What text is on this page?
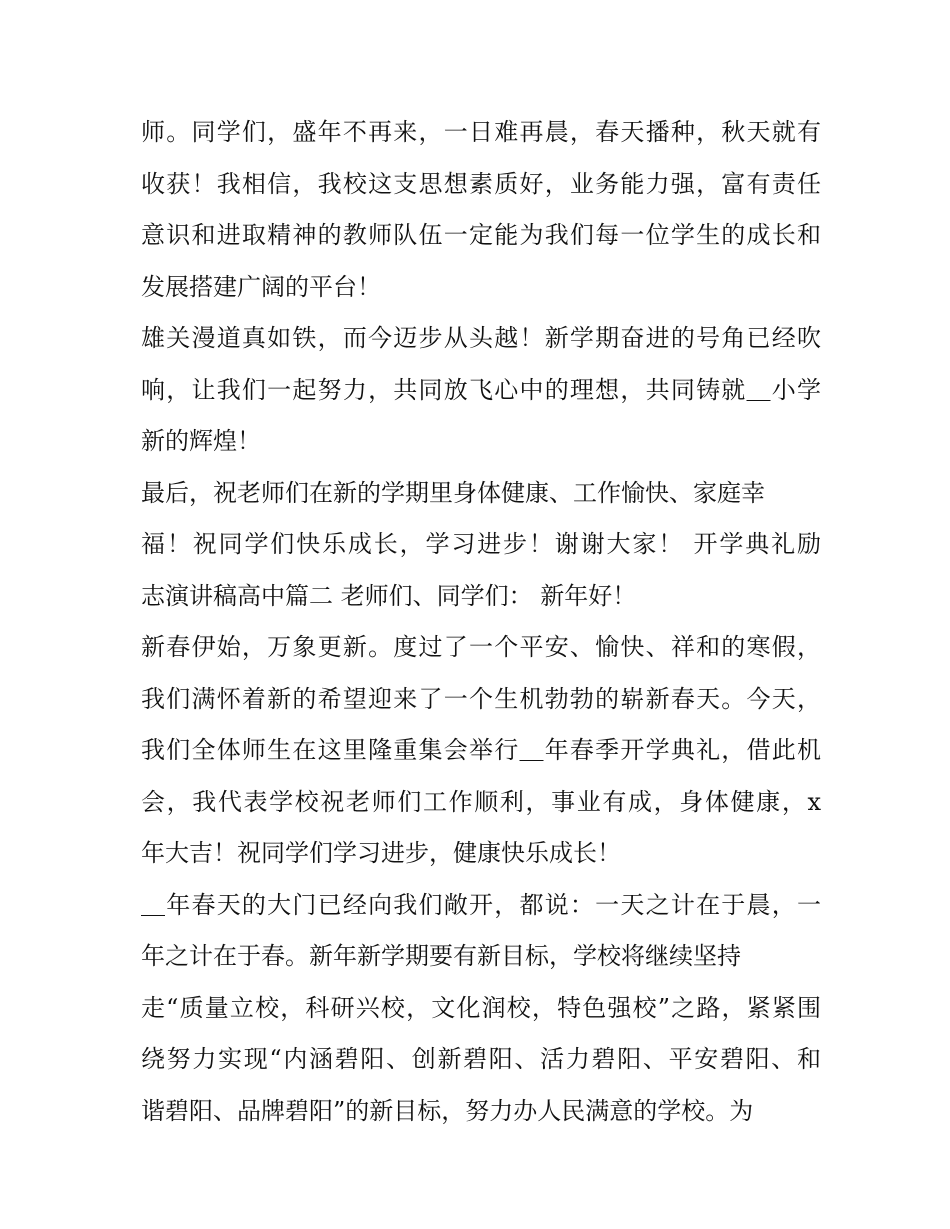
师。同学们，盛年不再来，一日难再晨，春天播种，秋天就有
收获！我相信，我校这支思想素质好，业务能力强，富有责任
意识和进取精神的教师队伍一定能为我们每一位学生的成长和
发展搭建广阔的平台！
雄关漫道真如铁，而今迈步从头越！新学期奋进的号角已经吹
响，让我们一起努力，共同放飞心中的理想，共同铸就＿小学
新的辉煌！
最后，祝老师们在新的学期里身体健康、工作愉快、家庭幸
福！祝同学们快乐成长，学习进步！谢谢大家！ 开学典礼励
志演讲稿高中篇二 老师们、同学们： 新年好！
新春伊始，万象更新。度过了一个平安、愉快、祥和的寒假，
我们满怀着新的希望迎来了一个生机勃勃的崭新春天。今天，
我们全体师生在这里隆重集会举行＿年春季开学典礼，借此机
会，我代表学校祝老师们工作顺利，事业有成，身体健康，x
年大吉！祝同学们学习进步，健康快乐成长！
＿年春天的大门已经向我们敞开，都说：一天之计在于晨，一
年之计在于春。新年新学期要有新目标，学校将继续坚持
走“质量立校，科研兴校，文化润校，特色强校”之路，紧紧围
绕努力实现“内涵碧阳、创新碧阳、活力碧阳、平安碧阳、和
谐碧阳、品牌碧阳”的新目标，努力办人民满意的学校。为
